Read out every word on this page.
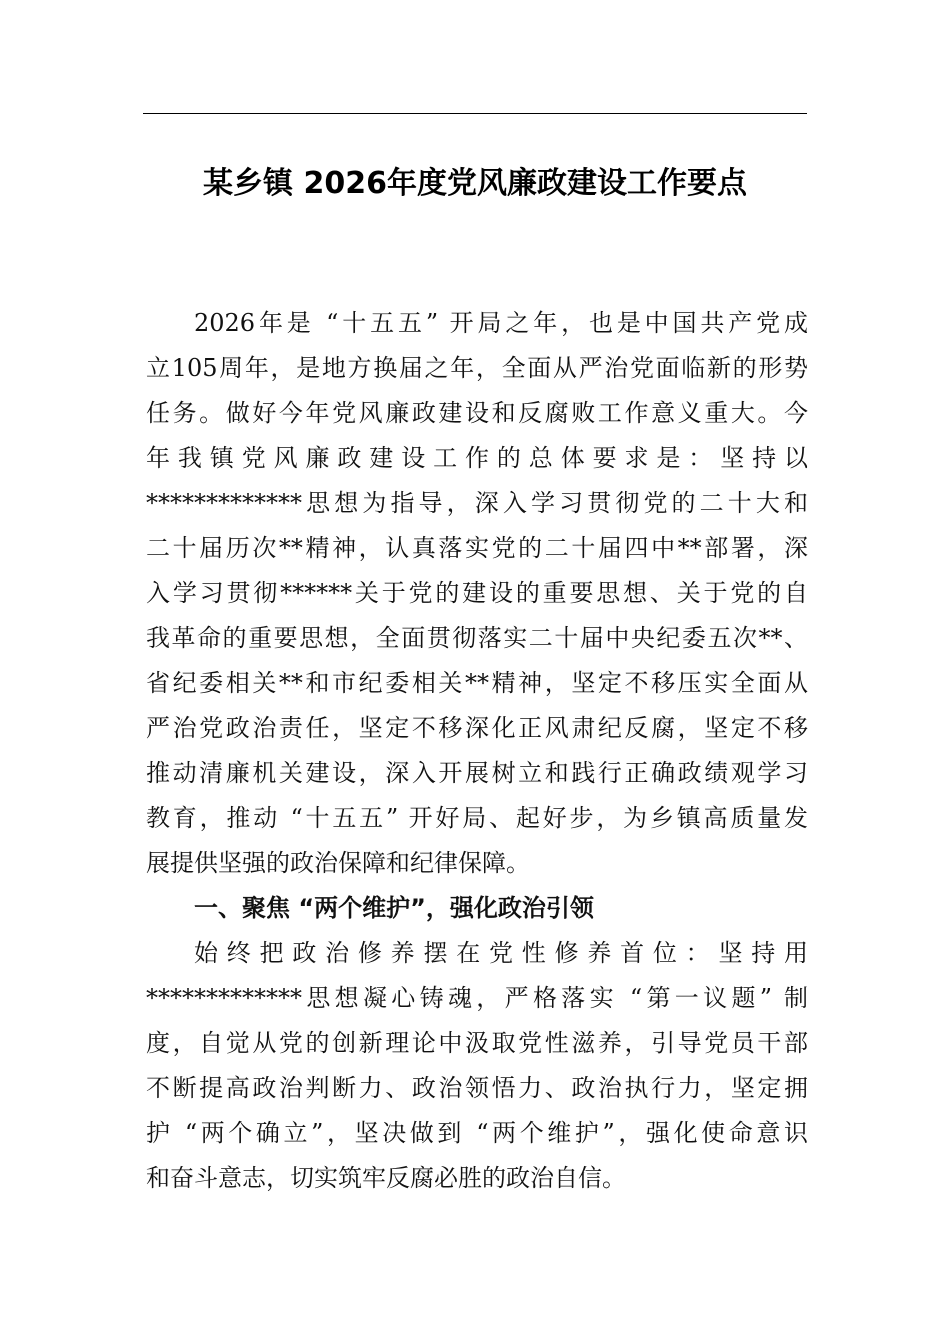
某乡镇 2026年度党风廉政建设工作要点
2026年是 “十五五” 开局之年，也是中国共产党成
立105周年，是地方换届之年，全面从严治党面临新的形势
任务。做好今年党风廉政建设和反腐败工作意义重大。今
年我镇党风廉政建设工作的总体要求是：坚持以
*************思想为指导，深入学习贯彻党的二十大和
二十届历次**精神，认真落实党的二十届四中**部署，深
入学习贯彻******关于党的建设的重要思想、关于党的自
我革命的重要思想，全面贯彻落实二十届中央纪委五次**、
省纪委相关**和市纪委相关**精神，坚定不移压实全面从
严治党政治责任，坚定不移深化正风肃纪反腐，坚定不移
推动清廉机关建设，深入开展树立和践行正确政绩观学习
教育，推动 “十五五” 开好局、起好步，为乡镇高质量发
展提供坚强的政治保障和纪律保障。
一、聚焦 “两个维护”，强化政治引领
始终把政治修养摆在党性修养首位：坚持用
*************思想凝心铸魂，严格落实 “第一议题” 制
度，自觉从党的创新理论中汲取党性滋养，引导党员干部
不断提高政治判断力、政治领悟力、政治执行力，坚定拥
护 “两个确立”，坚决做到 “两个维护”，强化使命意识
和奋斗意志，切实筑牢反腐必胜的政治自信。
